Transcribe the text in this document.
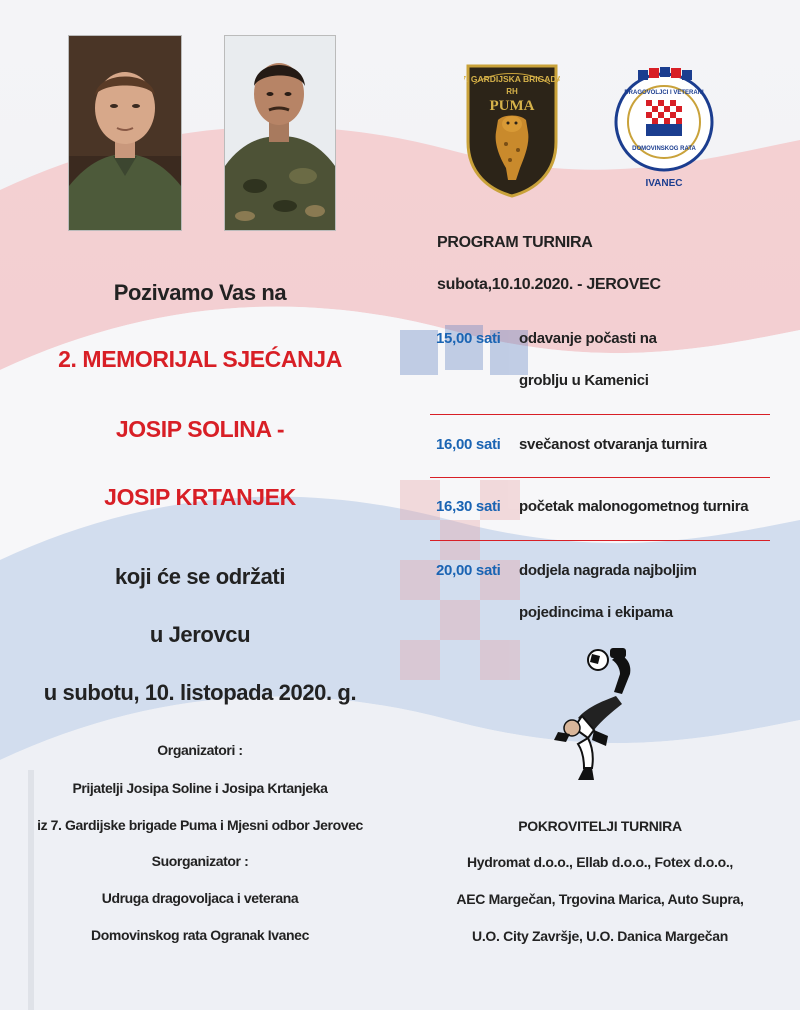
7. GARDIJSKA BRIGADA
RH
PUMA
DRAGOVOLJCI I VETERANI
DOMOVINSKOG RATA
IVANEC
Pozivamo Vas na
2. MEMORIJAL SJEĆANJA
JOSIP SOLINA -
JOSIP KRTANJEK
koji će se održati
u Jerovcu
u subotu, 10. listopada 2020. g.
Organizatori :
Prijatelji Josipa Soline i Josipa Krtanjeka
iz 7. Gardijske brigade Puma i Mjesni odbor Jerovec
Suorganizator :
Udruga dragovoljaca i veterana
Domovinskog rata Ogranak Ivanec
PROGRAM TURNIRA
subota,10.10.2020. - JEROVEC
15,00 sati odavanje počasti na
groblju u Kamenici
16,00 sati svečanost otvaranja turnira
16,30 sati početak malonogometnog turnira
20,00 sati dodjela nagrada najboljim
pojedincima i ekipama
POKROVITELJI TURNIRA
Hydromat d.o.o., Ellab d.o.o., Fotex d.o.o.,
AEC Margečan, Trgovina Marica, Auto Supra,
U.O. City Završje, U.O. Danica Margečan
